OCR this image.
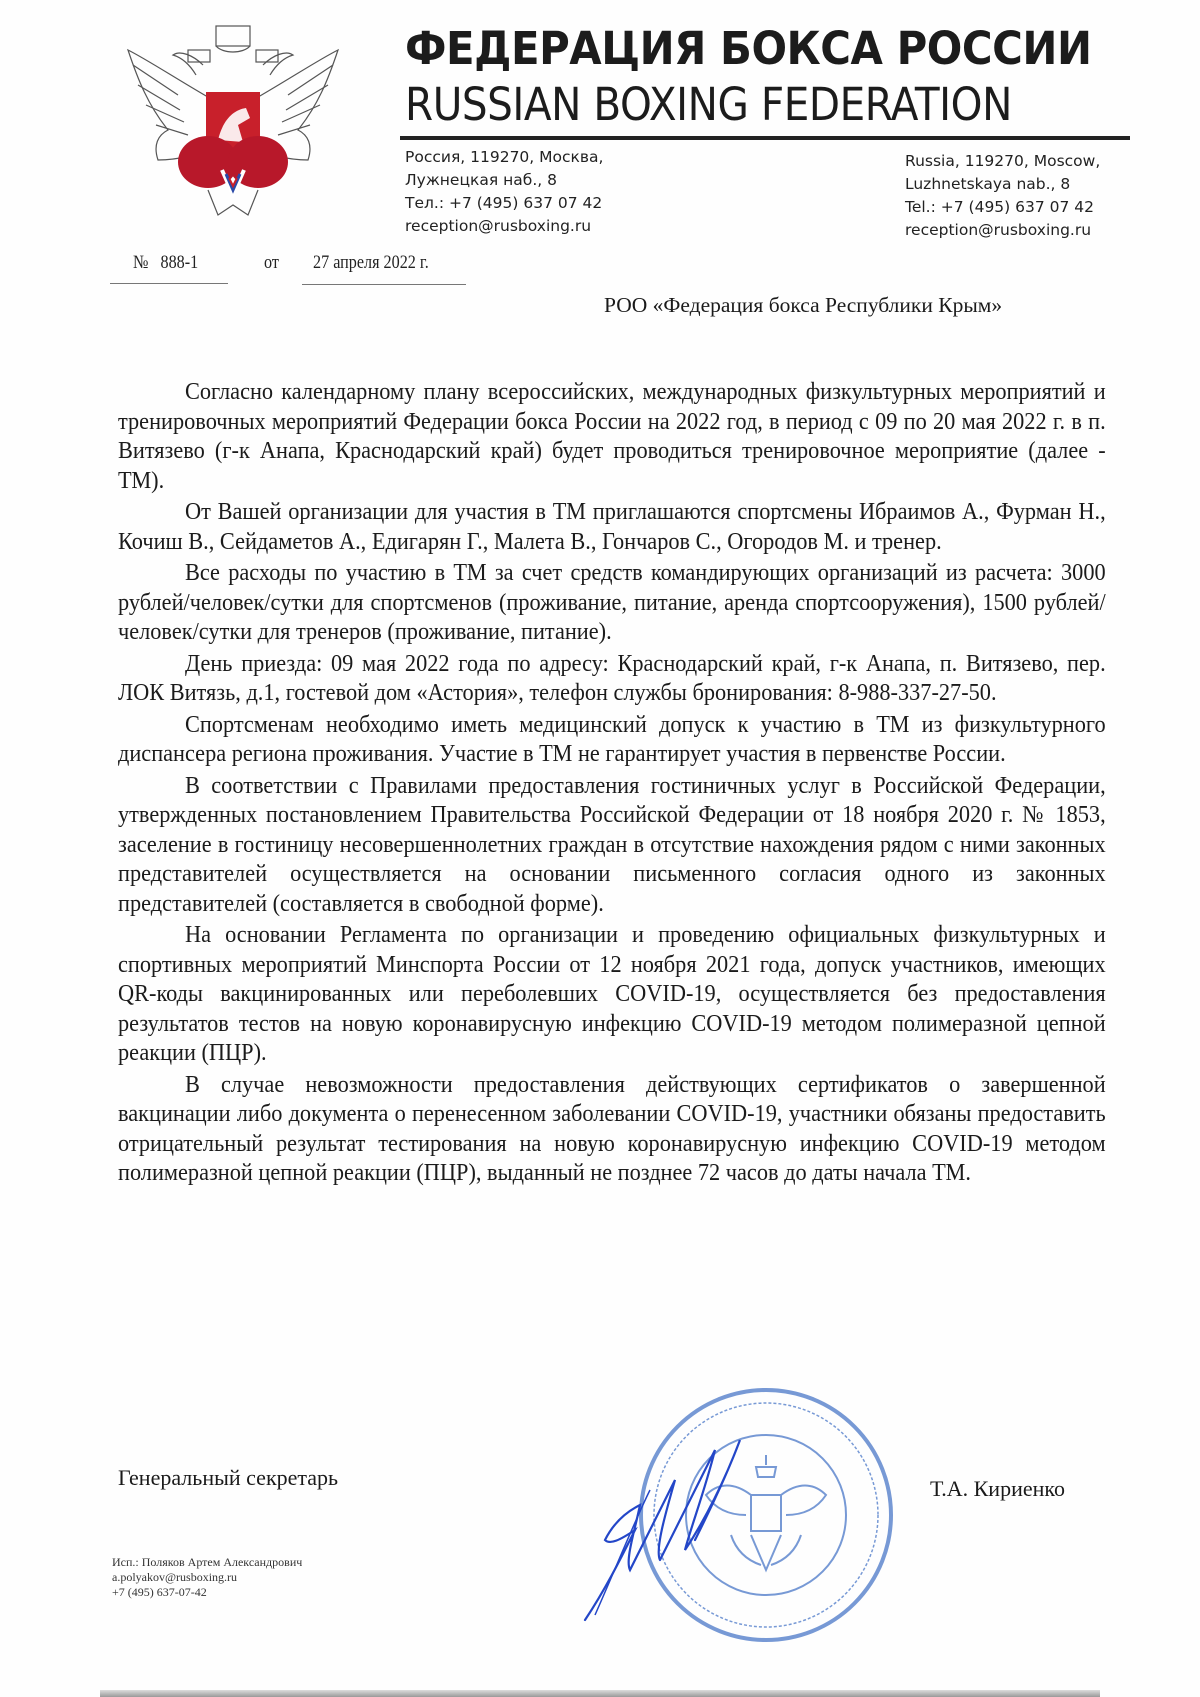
ФЕДЕРАЦИЯ БОКСА РОССИИ
RUSSIAN BOXING FEDERATION
Россия, 119270, Москва,
Лужнецкая наб., 8
Тел.: +7 (495) 637 07 42
reception@rusboxing.ru
Russia, 119270, Moscow,
Luzhnetskaya nab., 8
Tel.: +7 (495) 637 07 42
reception@rusboxing.ru
№ 888-1	от 27 апреля 2022 г.
РОО «Федерация бокса Республики Крым»

Согласно календарному плану всероссийских, международных физкультурных мероприятий и тренировочных мероприятий Федерации бокса России на 2022 год, в период с 09 по 20 мая 2022 г. в п. Витязево (г-к Анапа, Краснодарский край) будет проводиться тренировочное мероприятие (далее - ТМ).

От Вашей организации для участия в ТМ приглашаются спортсмены Ибраимов А., Фурман Н., Кочиш В., Сейдаметов А., Едигарян Г., Малета В., Гончаров С., Огородов М. и тренер.

Все расходы по участию в ТМ за счет средств командирующих организаций из расчета: 3000 рублей/человек/сутки для спортсменов (проживание, питание, аренда спортсооружения), 1500 рублей/человек/сутки для тренеров (проживание, питание).

День приезда: 09 мая 2022 года по адресу: Краснодарский край, г-к Анапа, п. Витязево, пер. ЛОК Витязь, д.1, гостевой дом «Астория», телефон службы бронирования: 8-988-337-27-50.

Спортсменам необходимо иметь медицинский допуск к участию в ТМ из физкультурного диспансера региона проживания. Участие в ТМ не гарантирует участия в первенстве России.

В соответствии с Правилами предоставления гостиничных услуг в Российской Федерации, утвержденных постановлением Правительства Российской Федерации от 18 ноября 2020 г. № 1853, заселение в гостиницу несовершеннолетних граждан в отсутствие нахождения рядом с ними законных представителей осуществляется на основании письменного согласия одного из законных представителей (составляется в свободной форме).

На основании Регламента по организации и проведению официальных физкультурных и спортивных мероприятий Минспорта России от 12 ноября 2021 года, допуск участников, имеющих QR-коды вакцинированных или переболевших COVID-19, осуществляется без предоставления результатов тестов на новую коронавирусную инфекцию COVID-19 методом полимеразной цепной реакции (ПЦР).

В случае невозможности предоставления действующих сертификатов о завершенной вакцинации либо документа о перенесенном заболевании COVID-19, участники обязаны предоставить отрицательный результат тестирования на новую коронавирусную инфекцию COVID-19 методом полимеразной цепной реакции (ПЦР), выданный не позднее 72 часов до даты начала ТМ.

Генеральный секретарь	Т.А. Кириенко
Исп.: Поляков Артем Александрович
a.polyakov@rusboxing.ru
+7 (495) 637-07-42
